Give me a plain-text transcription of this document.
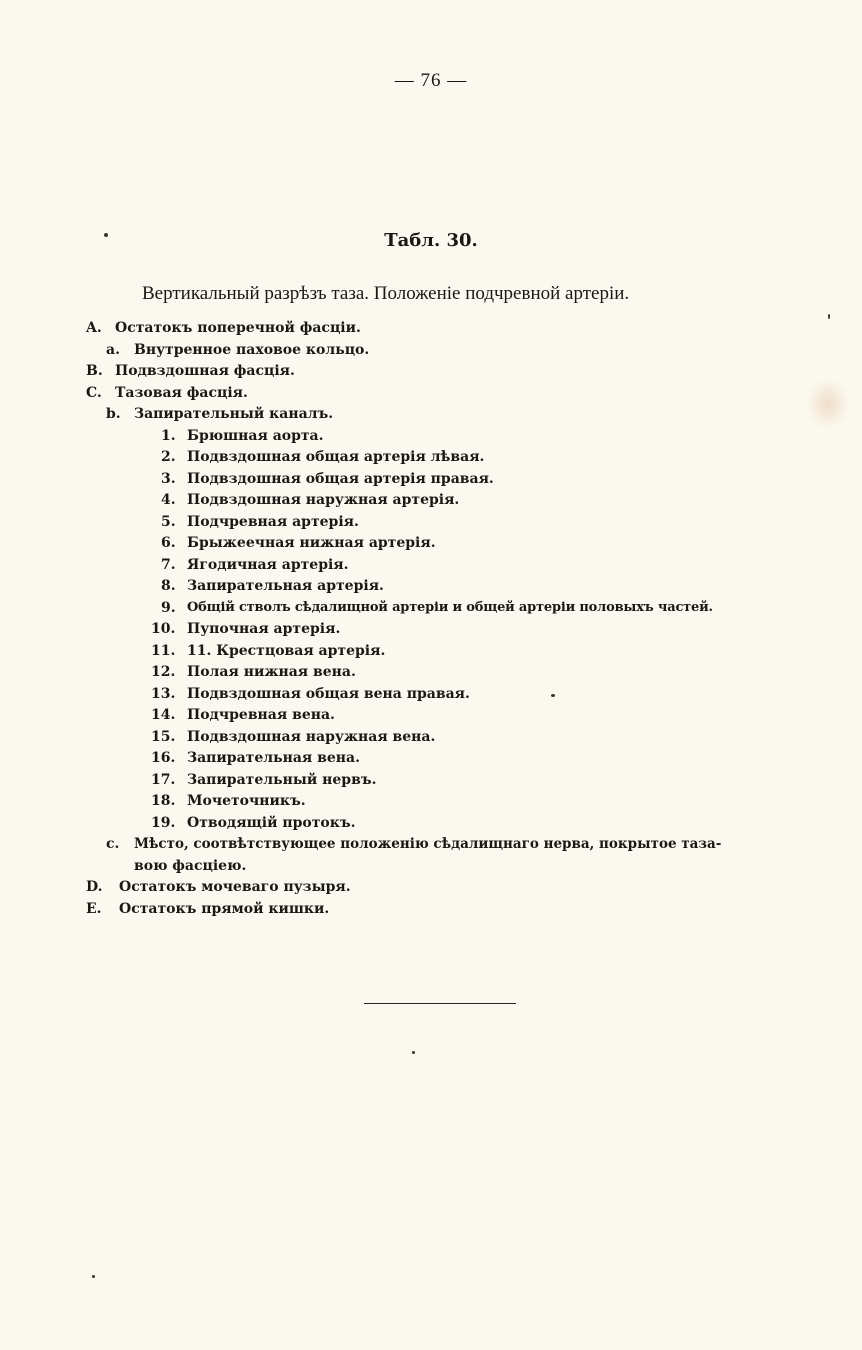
— 76 —
Табл. 30.
Вертикальный разрѣзъ таза. Положеніе подчревной артеріи.
A. Остатокъ поперечной фасціи.
a. Внутренное паховое кольцо.
B. Подвздошная фасція.
C. Тазовая фасція.
b. Запирательный каналъ.
1. Брюшная аорта.
2. Подвздошная общая артерія лѣвая.
3. Подвздошная общая артерія правая.
4. Подвздошная наружная артерія.
5. Подчревная артерія.
6. Брыжеечная нижная артерія.
7. Ягодичная артерія.
8. Запирательная артерія.
9. Общій стволъ сѣдалищной артеріи и общей артеріи половыхъ частей.
10. Пупочная артерія.
11. 11. Крестцовая артерія.
12. Полая нижная вена.
13. Подвздошная общая вена правая.
14. Подчревная вена.
15. Подвздошная наружная вена.
16. Запирательная вена.
17. Запирательный нервъ.
18. Мочеточникъ.
19. Отводящій протокъ.
c. Мѣсто, соотвѣтствующее положенію сѣдалищнаго нерва, покрытое таза-
вою фасціею.
D. Остатокъ мочеваго пузыря.
E. Остатокъ прямой кишки.
